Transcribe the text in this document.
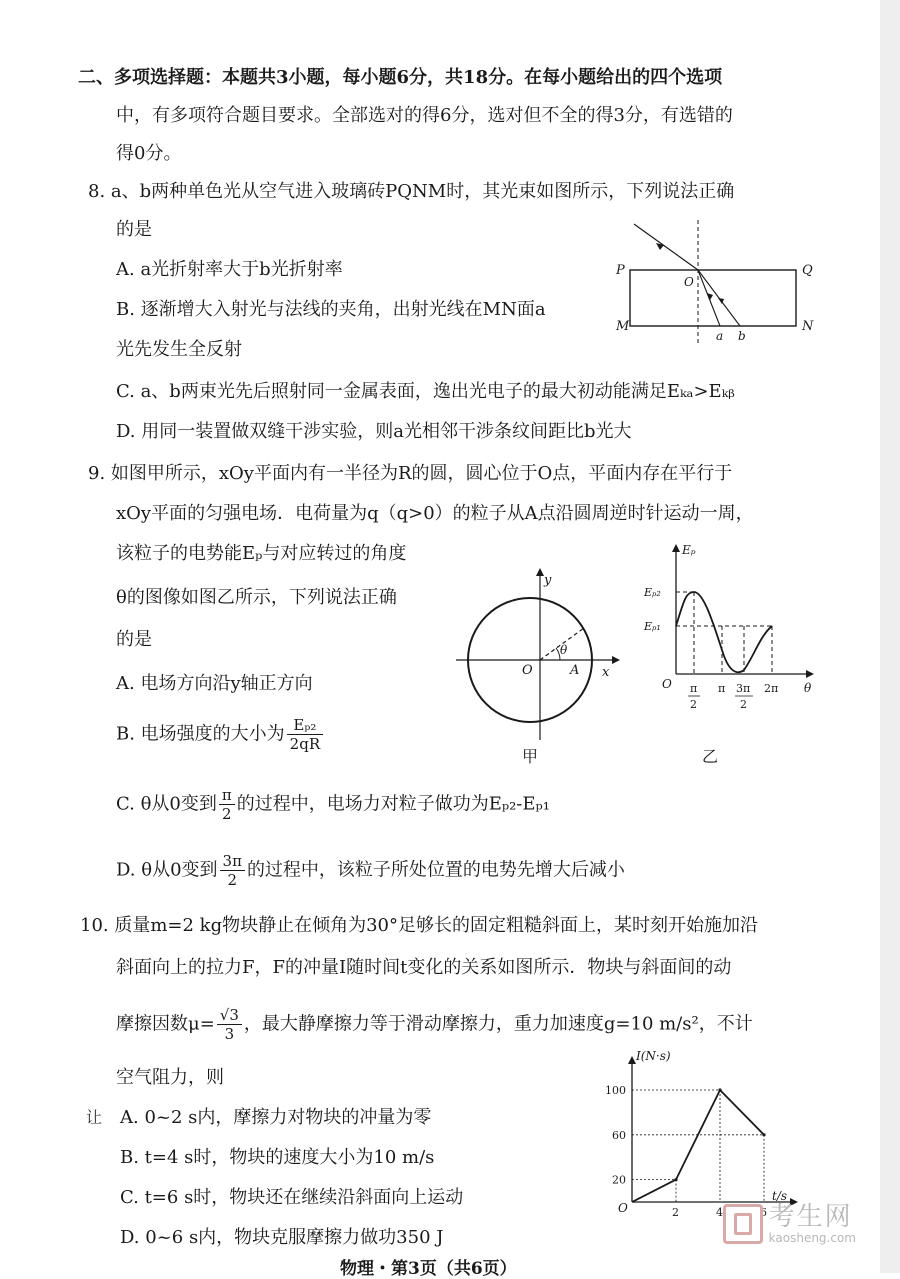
二、多项选择题：本题共3小题，每小题6分，共18分。在每小题给出的四个选项
中，有多项符合题目要求。全部选对的得6分，选对但不全的得3分，有选错的
得0分。
8. a、b两种单色光从空气进入玻璃砖PQNM时，其光束如图所示，下列说法正确
的是
A. a光折射率大于b光折射率
B. 逐渐增大入射光与法线的夹角，出射光线在MN面a
光先发生全反射
C. a、b两束光先后照射同一金属表面，逸出光电子的最大初动能满足Eₖₐ>Eₖᵦ
D. 用同一装置做双缝干涉实验，则a光相邻干涉条纹间距比b光大
P	Q
M	N
O
a b
9. 如图甲所示，xOy平面内有一半径为R的圆，圆心位于O点，平面内存在平行于
xOy平面的匀强电场．电荷量为q（q>0）的粒子从A点沿圆周逆时针运动一周，
该粒子的电势能Eₚ与对应转过的角度
θ的图像如图乙所示，下列说法正确
的是
A. 电场方向沿y轴正方向
B. 电场强度的大小为 $\frac{\text{Eₚ₂}}{2qR}$
C. θ从0变到 $\frac{\pi}{2}$ 的过程中，电场力对粒子做功为Eₚ₂-Eₚ₁
D. θ从0变到 $\frac{3\pi}{2}$ 的过程中，该粒子所处位置的电势先增大后减小
y
x
O	A
θ
甲
Eₚ
θ
O
Eₚ₂
Eₚ₁
π
2
π 3π
2
2π
乙
10. 质量m=2 kg物块静止在倾角为30°足够长的固定粗糙斜面上，某时刻开始施加沿
斜面向上的拉力F，F的冲量I随时间t变化的关系如图所示．物块与斜面间的动
摩擦因数$\mu= \frac{√3}{3}$ ，最大静摩擦力等于滑动摩擦力，重力加速度g=10 m/s²，不计
空气阻力，则
让 A. 0~2 s内，摩擦力对物块的冲量为零
B. t=4 s时，物块的速度大小为10 m/s
C. t=6 s时，物块还在继续沿斜面向上运动
D. 0~6 s内，物块克服摩擦力做功350 J
2	4	6
20
60
100
I(N·s)
t/s
O	考生网
kaosheng.com
物理・第3页（共6页）
